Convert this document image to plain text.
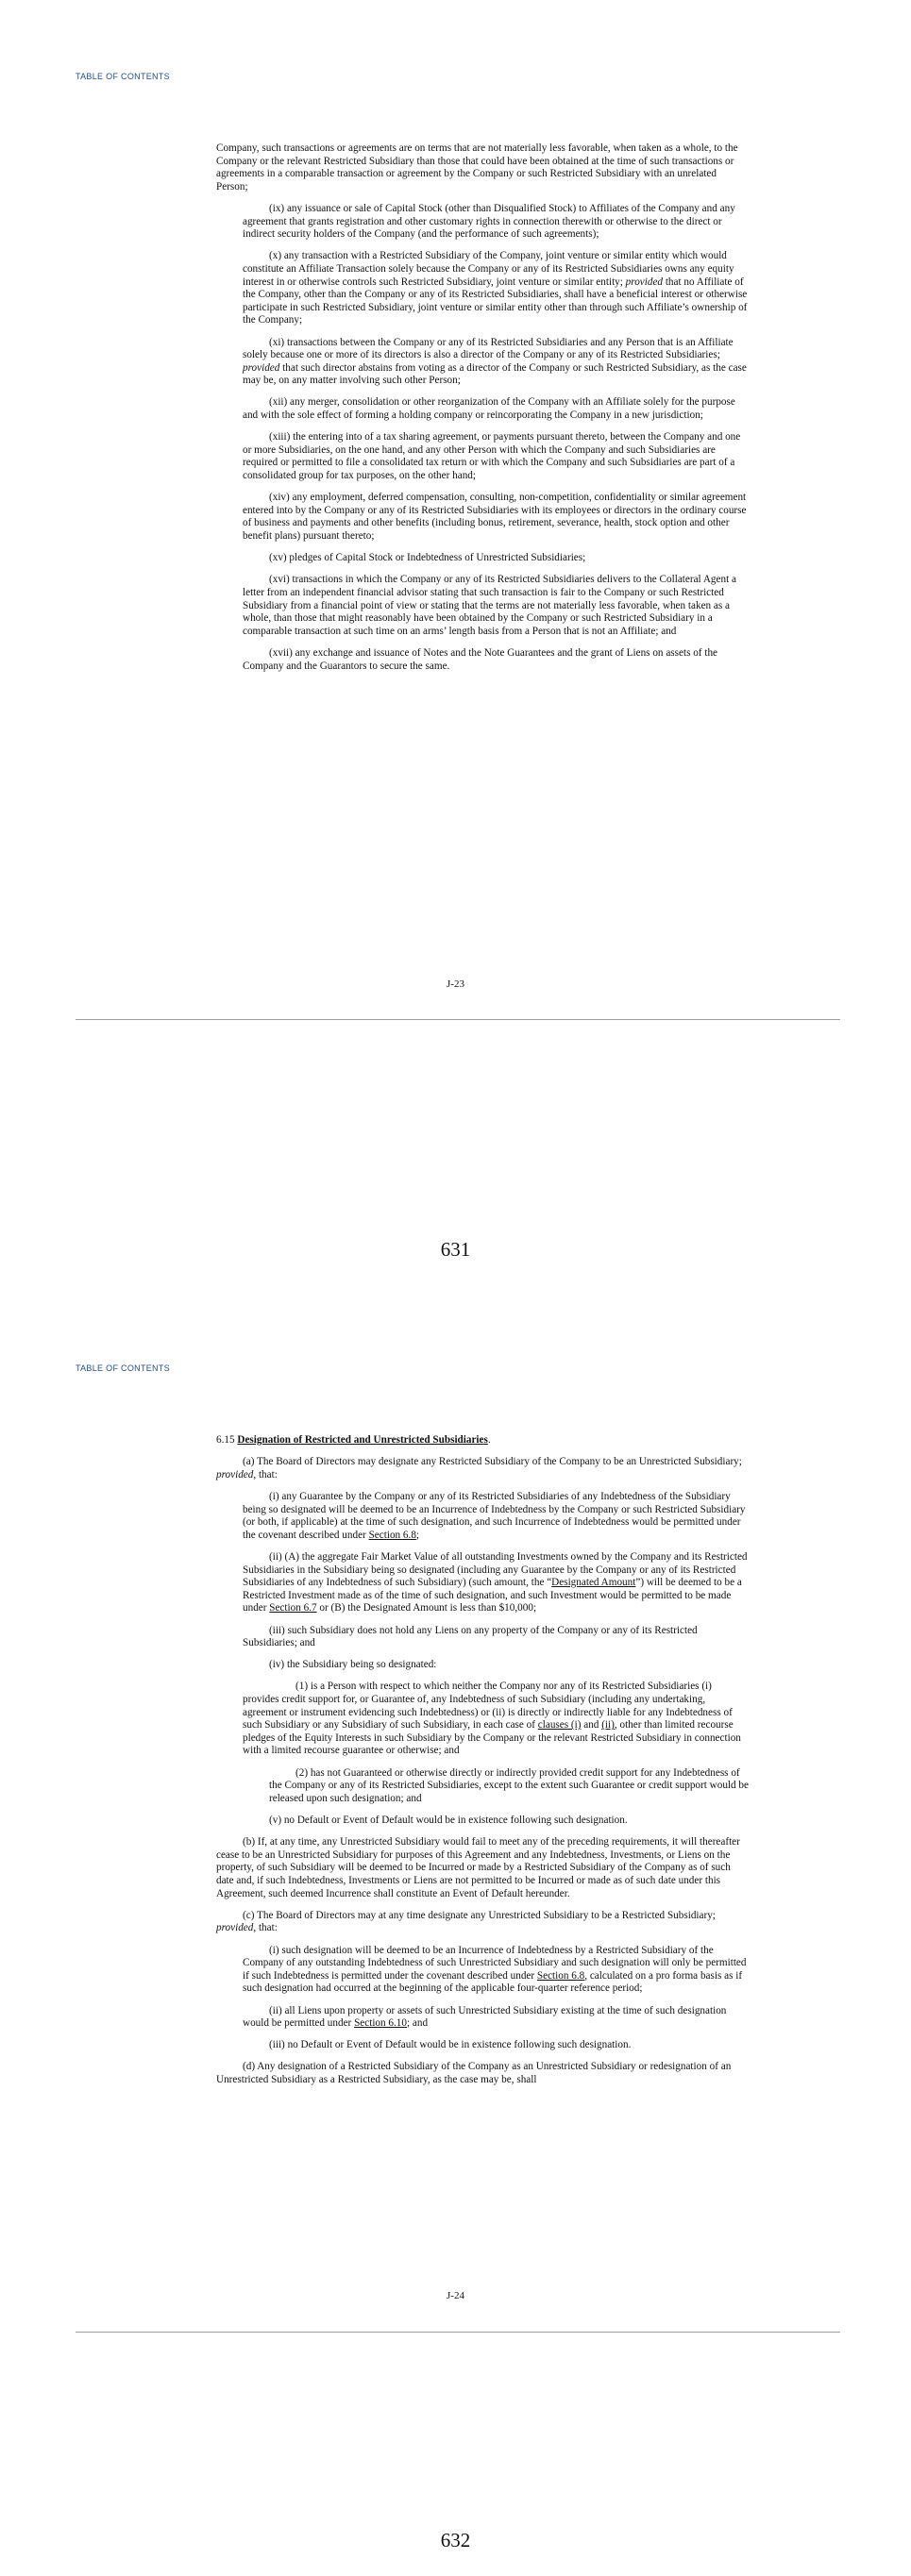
TABLE OF CONTENTS

Company, such transactions or agreements are on terms that are not materially less favorable, when taken as a whole, to the Company or the relevant Restricted Subsidiary than those that could have been obtained at the time of such transactions or agreements in a comparable transaction or agreement by the Company or such Restricted Subsidiary with an unrelated Person;

(ix) any issuance or sale of Capital Stock (other than Disqualified Stock) to Affiliates of the Company and any agreement that grants registration and other customary rights in connection therewith or otherwise to the direct or indirect security holders of the Company (and the performance of such agreements);

(x) any transaction with a Restricted Subsidiary of the Company, joint venture or similar entity which would constitute an Affiliate Transaction solely because the Company or any of its Restricted Subsidiaries owns any equity interest in or otherwise controls such Restricted Subsidiary, joint venture or similar entity; provided that no Affiliate of the Company, other than the Company or any of its Restricted Subsidiaries, shall have a beneficial interest or otherwise participate in such Restricted Subsidiary, joint venture or similar entity other than through such Affiliate’s ownership of the Company;

(xi) transactions between the Company or any of its Restricted Subsidiaries and any Person that is an Affiliate solely because one or more of its directors is also a director of the Company or any of its Restricted Subsidiaries; provided that such director abstains from voting as a director of the Company or such Restricted Subsidiary, as the case may be, on any matter involving such other Person;

(xii) any merger, consolidation or other reorganization of the Company with an Affiliate solely for the purpose and with the sole effect of forming a holding company or reincorporating the Company in a new jurisdiction;

(xiii) the entering into of a tax sharing agreement, or payments pursuant thereto, between the Company and one or more Subsidiaries, on the one hand, and any other Person with which the Company and such Subsidiaries are required or permitted to file a consolidated tax return or with which the Company and such Subsidiaries are part of a consolidated group for tax purposes, on the other hand;

(xiv) any employment, deferred compensation, consulting, non-competition, confidentiality or similar agreement entered into by the Company or any of its Restricted Subsidiaries with its employees or directors in the ordinary course of business and payments and other benefits (including bonus, retirement, severance, health, stock option and other benefit plans) pursuant thereto;

(xv) pledges of Capital Stock or Indebtedness of Unrestricted Subsidiaries;

(xvi) transactions in which the Company or any of its Restricted Subsidiaries delivers to the Collateral Agent a letter from an independent financial advisor stating that such transaction is fair to the Company or such Restricted Subsidiary from a financial point of view or stating that the terms are not materially less favorable, when taken as a whole, than those that might reasonably have been obtained by the Company or such Restricted Subsidiary in a comparable transaction at such time on an arms’ length basis from a Person that is not an Affiliate; and

(xvii) any exchange and issuance of Notes and the Note Guarantees and the grant of Liens on assets of the Company and the Guarantors to secure the same.

J-23
631
TABLE OF CONTENTS

6.15 Designation of Restricted and Unrestricted Subsidiaries.

(a) The Board of Directors may designate any Restricted Subsidiary of the Company to be an Unrestricted Subsidiary; provided, that:

(i) any Guarantee by the Company or any of its Restricted Subsidiaries of any Indebtedness of the Subsidiary being so designated will be deemed to be an Incurrence of Indebtedness by the Company or such Restricted Subsidiary (or both, if applicable) at the time of such designation, and such Incurrence of Indebtedness would be permitted under the covenant described under Section 6.8;

(ii) (A) the aggregate Fair Market Value of all outstanding Investments owned by the Company and its Restricted Subsidiaries in the Subsidiary being so designated (including any Guarantee by the Company or any of its Restricted Subsidiaries of any Indebtedness of such Subsidiary) (such amount, the “Designated Amount”) will be deemed to be a Restricted Investment made as of the time of such designation, and such Investment would be permitted to be made under Section 6.7 or (B) the Designated Amount is less than $10,000;

(iii) such Subsidiary does not hold any Liens on any property of the Company or any of its Restricted Subsidiaries; and

(iv) the Subsidiary being so designated:

(1) is a Person with respect to which neither the Company nor any of its Restricted Subsidiaries (i) provides credit support for, or Guarantee of, any Indebtedness of such Subsidiary (including any undertaking, agreement or instrument evidencing such Indebtedness) or (ii) is directly or indirectly liable for any Indebtedness of such Subsidiary or any Subsidiary of such Subsidiary, in each case of clauses (i) and (ii), other than limited recourse pledges of the Equity Interests in such Subsidiary by the Company or the relevant Restricted Subsidiary in connection with a limited recourse guarantee or otherwise; and

(2) has not Guaranteed or otherwise directly or indirectly provided credit support for any Indebtedness of the Company or any of its Restricted Subsidiaries, except to the extent such Guarantee or credit support would be released upon such designation; and

(v) no Default or Event of Default would be in existence following such designation.

(b) If, at any time, any Unrestricted Subsidiary would fail to meet any of the preceding requirements, it will thereafter cease to be an Unrestricted Subsidiary for purposes of this Agreement and any Indebtedness, Investments, or Liens on the property, of such Subsidiary will be deemed to be Incurred or made by a Restricted Subsidiary of the Company as of such date and, if such Indebtedness, Investments or Liens are not permitted to be Incurred or made as of such date under this Agreement, such deemed Incurrence shall constitute an Event of Default hereunder.

(c) The Board of Directors may at any time designate any Unrestricted Subsidiary to be a Restricted Subsidiary; provided, that:

(i) such designation will be deemed to be an Incurrence of Indebtedness by a Restricted Subsidiary of the Company of any outstanding Indebtedness of such Unrestricted Subsidiary and such designation will only be permitted if such Indebtedness is permitted under the covenant described under Section 6.8, calculated on a pro forma basis as if such designation had occurred at the beginning of the applicable four-quarter reference period;

(ii) all Liens upon property or assets of such Unrestricted Subsidiary existing at the time of such designation would be permitted under Section 6.10; and

(iii) no Default or Event of Default would be in existence following such designation.

(d) Any designation of a Restricted Subsidiary of the Company as an Unrestricted Subsidiary or redesignation of an Unrestricted Subsidiary as a Restricted Subsidiary, as the case may be, shall

J-24
632
